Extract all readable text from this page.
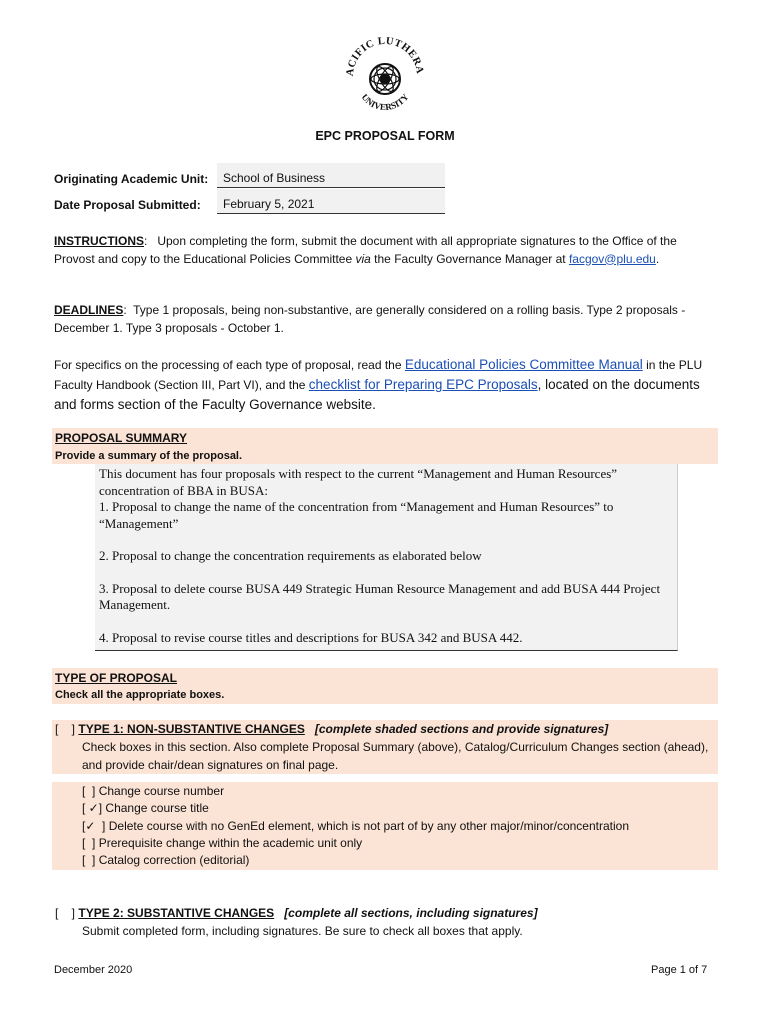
ACIFIC LUTHERA
UNIVERSITY
EPC PROPOSAL FORM
Originating Academic Unit:	School of Business
Date Proposal Submitted:	February 5, 2021
INSTRUCTIONS:   Upon completing the form, submit the document with all appropriate signatures to the Office of the Provost and copy to the Educational Policies Committee via the Faculty Governance Manager at facgov@plu.edu.
DEADLINES:  Type 1 proposals, being non-substantive, are generally considered on a rolling basis. Type 2 proposals - December 1. Type 3 proposals - October 1.
For specifics on the processing of each type of proposal, read the Educational Policies Committee Manual in the PLU Faculty Handbook (Section III, Part VI), and the checklist for Preparing EPC Proposals, located on the documents and forms section of the Faculty Governance website.
PROPOSAL SUMMARY
Provide a summary of the proposal.
This document has four proposals with respect to the current “Management and Human Resources” concentration of BBA in BUSA:
1. Proposal to change the name of the concentration from “Management and Human Resources” to “Management”
2. Proposal to change the concentration requirements as elaborated below
3. Proposal to delete course BUSA 449 Strategic Human Resource Management and add BUSA 444 Project Management.
4. Proposal to revise course titles and descriptions for BUSA 342 and BUSA 442.
TYPE OF PROPOSAL
Check all the appropriate boxes.
[    ] TYPE 1: NON-SUBSTANTIVE CHANGES [complete shaded sections and provide signatures]
Check boxes in this section. Also complete Proposal Summary (above), Catalog/Curriculum Changes section (ahead), and provide chair/dean signatures on final page.
[  ] Change course number
[ ✓] Change course title
[✓  ] Delete course with no GenEd element, which is not part of by any other major/minor/concentration
[  ] Prerequisite change within the academic unit only
[  ] Catalog correction (editorial)
[    ] TYPE 2: SUBSTANTIVE CHANGES [complete all sections, including signatures]
Submit completed form, including signatures. Be sure to check all boxes that apply.
December 2020	Page 1 of 7
